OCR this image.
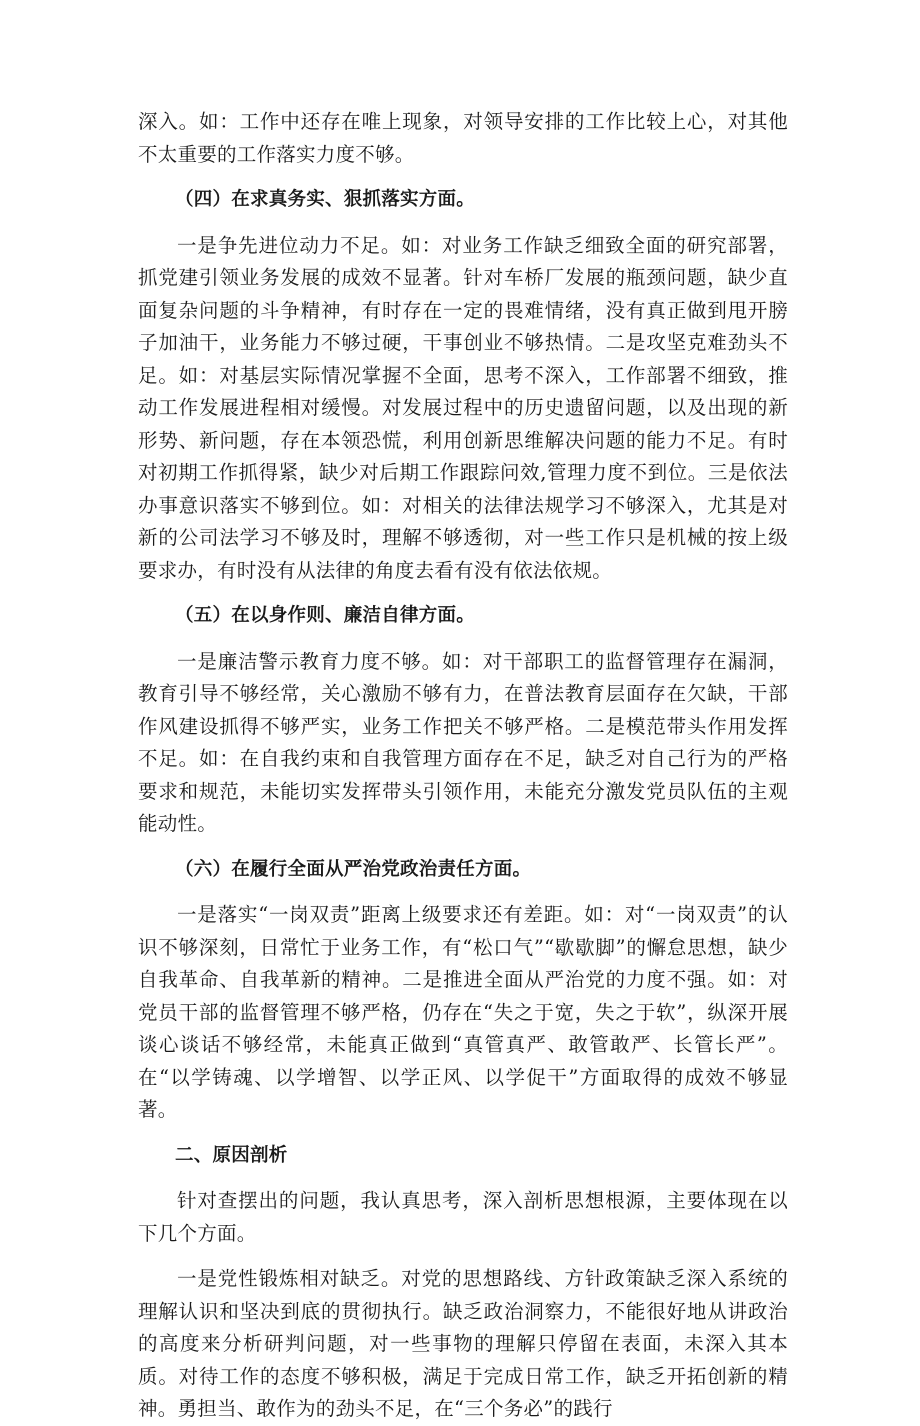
深入。如：工作中还存在唯上现象，对领导安排的工作比较上心，对其他不太重要的工作落实力度不够。

（四）在求真务实、狠抓落实方面。

一是争先进位动力不足。如：对业务工作缺乏细致全面的研究部署，抓党建引领业务发展的成效不显著。针对车桥厂发展的瓶颈问题，缺少直面复杂问题的斗争精神，有时存在一定的畏难情绪，没有真正做到甩开膀子加油干，业务能力不够过硬，干事创业不够热情。二是攻坚克难劲头不足。如：对基层实际情况掌握不全面，思考不深入，工作部署不细致，推动工作发展进程相对缓慢。对发展过程中的历史遗留问题，以及出现的新形势、新问题，存在本领恐慌，利用创新思维解决问题的能力不足。有时对初期工作抓得紧，缺少对后期工作跟踪问效,管理力度不到位。三是依法办事意识落实不够到位。如：对相关的法律法规学习不够深入，尤其是对新的公司法学习不够及时，理解不够透彻，对一些工作只是机械的按上级要求办，有时没有从法律的角度去看有没有依法依规。

（五）在以身作则、廉洁自律方面。

一是廉洁警示教育力度不够。如：对干部职工的监督管理存在漏洞，教育引导不够经常，关心激励不够有力，在普法教育层面存在欠缺，干部作风建设抓得不够严实，业务工作把关不够严格。二是模范带头作用发挥不足。如：在自我约束和自我管理方面存在不足，缺乏对自己行为的严格要求和规范，未能切实发挥带头引领作用，未能充分激发党员队伍的主观能动性。

（六）在履行全面从严治党政治责任方面。

一是落实“一岗双责”距离上级要求还有差距。如：对“一岗双责”的认识不够深刻，日常忙于业务工作，有“松口气”“歇歇脚”的懈怠思想，缺少自我革命、自我革新的精神。二是推进全面从严治党的力度不强。如：对党员干部的监督管理不够严格，仍存在“失之于宽，失之于软”，纵深开展谈心谈话不够经常，未能真正做到“真管真严、敢管敢严、长管长严”。在“以学铸魂、以学增智、以学正风、以学促干”方面取得的成效不够显著。

二、原因剖析

针对查摆出的问题，我认真思考，深入剖析思想根源，主要体现在以下几个方面。

一是党性锻炼相对缺乏。对党的思想路线、方针政策缺乏深入系统的理解认识和坚决到底的贯彻执行。缺乏政治洞察力，不能很好地从讲政治的高度来分析研判问题，对一些事物的理解只停留在表面，未深入其本质。对待工作的态度不够积极，满足于完成日常工作，缺乏开拓创新的精神。勇担当、敢作为的劲头不足，在“三个务必”的践行
